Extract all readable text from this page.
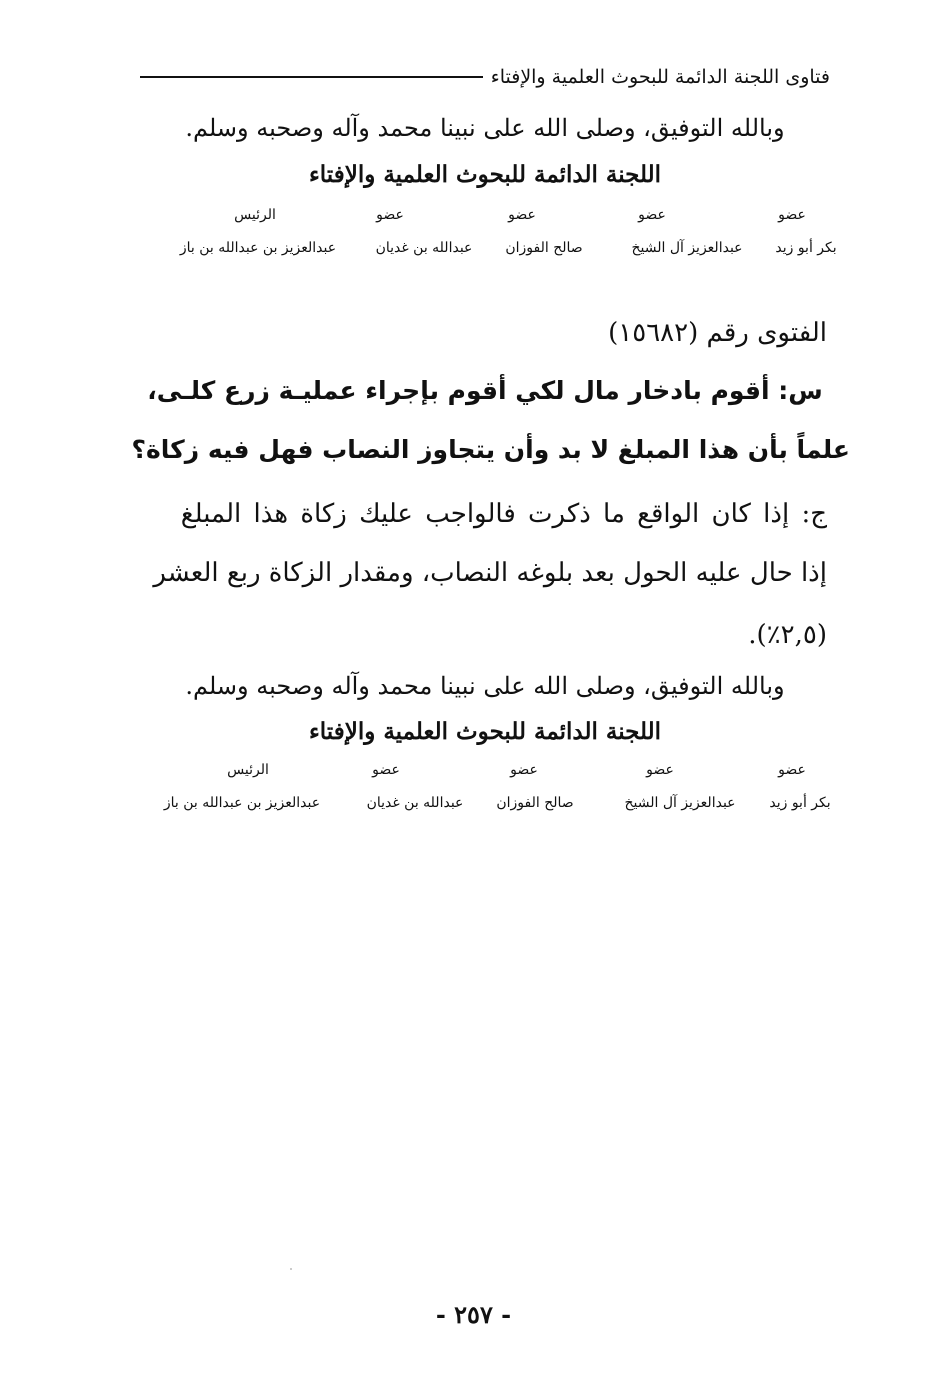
فتاوى اللجنة الدائمة للبحوث العلمية والإفتاء
وبالله التوفيق، وصلى الله على نبينا محمد وآله وصحبه وسلم.
اللجنة الدائمة للبحوث العلمية والإفتاء
عضو
عضو
عضو
عضو
الرئيس
بكر أبو زيد
عبدالعزيز آل الشيخ
صالح الفوزان
عبدالله بن غديان
عبدالعزيز بن عبدالله بن باز
الفتوى رقم (١٥٦٨٢)
س: أقوم بادخار مال لكي أقوم بإجراء عمليـة زرع كلـى،
علماً بأن هذا المبلغ لا بد وأن يتجاوز النصاب فهل فيه زكاة؟
ج: إذا كان الواقع ما ذكرت فالواجب عليك زكاة هذا المبلغ
إذا حال عليه الحول بعد بلوغه النصاب، ومقدار الزكاة ربع العشر
(٢,٥٪).
وبالله التوفيق، وصلى الله على نبينا محمد وآله وصحبه وسلم.
اللجنة الدائمة للبحوث العلمية والإفتاء
عضو
عضو
عضو
عضو
الرئيس
بكر أبو زيد
عبدالعزيز آل الشيخ
صالح الفوزان
عبدالله بن غديان
عبدالعزيز بن عبدالله بن باز
- ٢٥٧ -
